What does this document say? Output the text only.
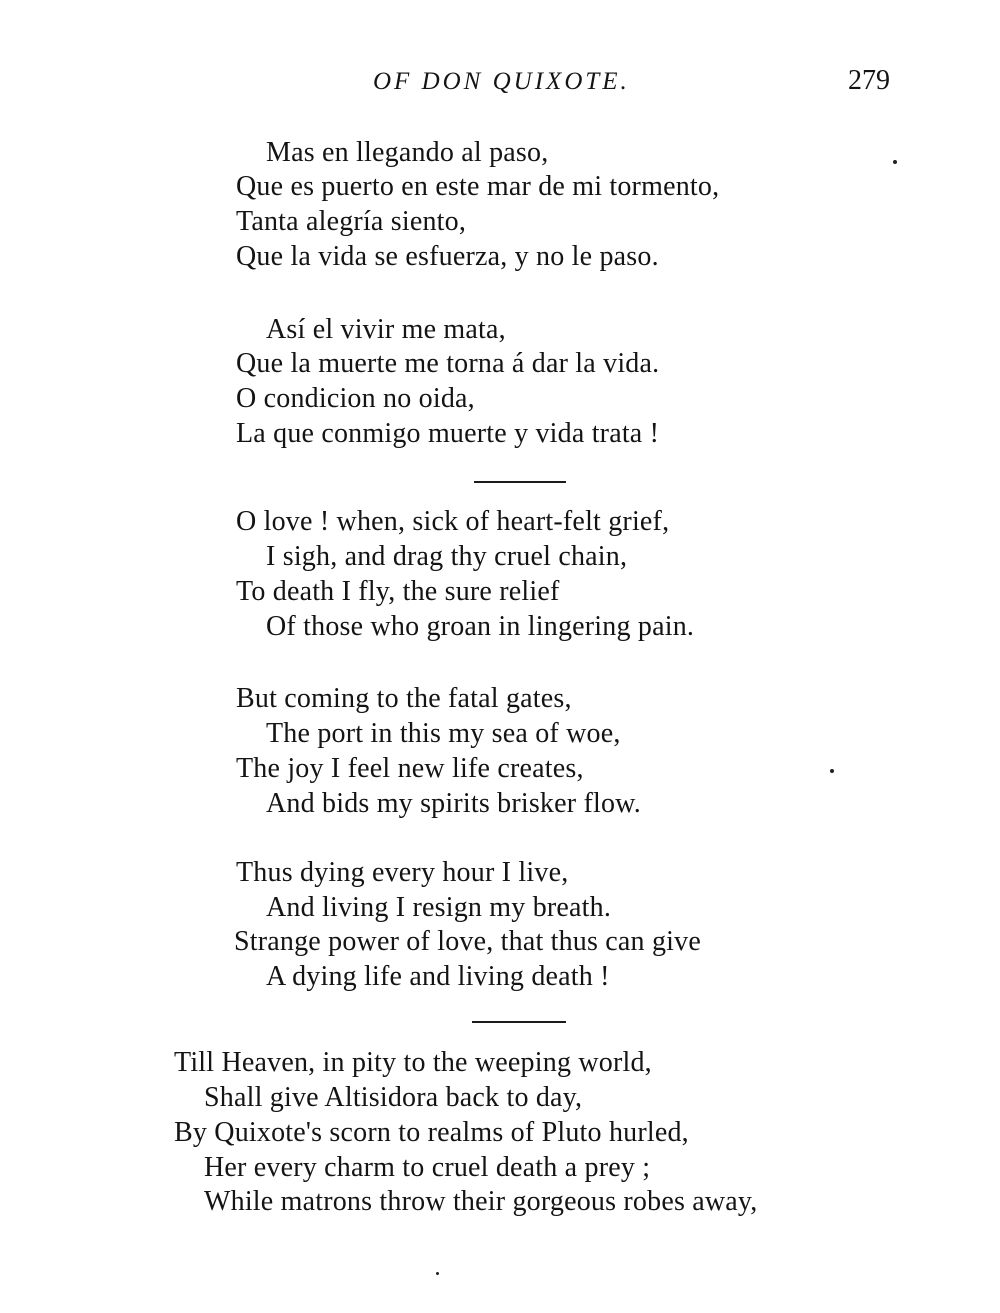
OF DON QUIXOTE.	279
Mas en llegando al paso,
Que es puerto en este mar de mi tormento,
Tanta alegría siento,
Que la vida se esfuerza, y no le paso.
Así el vivir me mata,
Que la muerte me torna á dar la vida.
O condicion no oida,
La que conmigo muerte y vida trata !
O love ! when, sick of heart-felt grief,
I sigh, and drag thy cruel chain,
To death I fly, the sure relief
Of those who groan in lingering pain.
But coming to the fatal gates,
The port in this my sea of woe,
The joy I feel new life creates,
And bids my spirits brisker flow.
Thus dying every hour I live,
And living I resign my breath.
Strange power of love, that thus can give
A dying life and living death !
Till Heaven, in pity to the weeping world,
Shall give Altisidora back to day,
By Quixote's scorn to realms of Pluto hurled,
Her every charm to cruel death a prey ;
While matrons throw their gorgeous robes away,
